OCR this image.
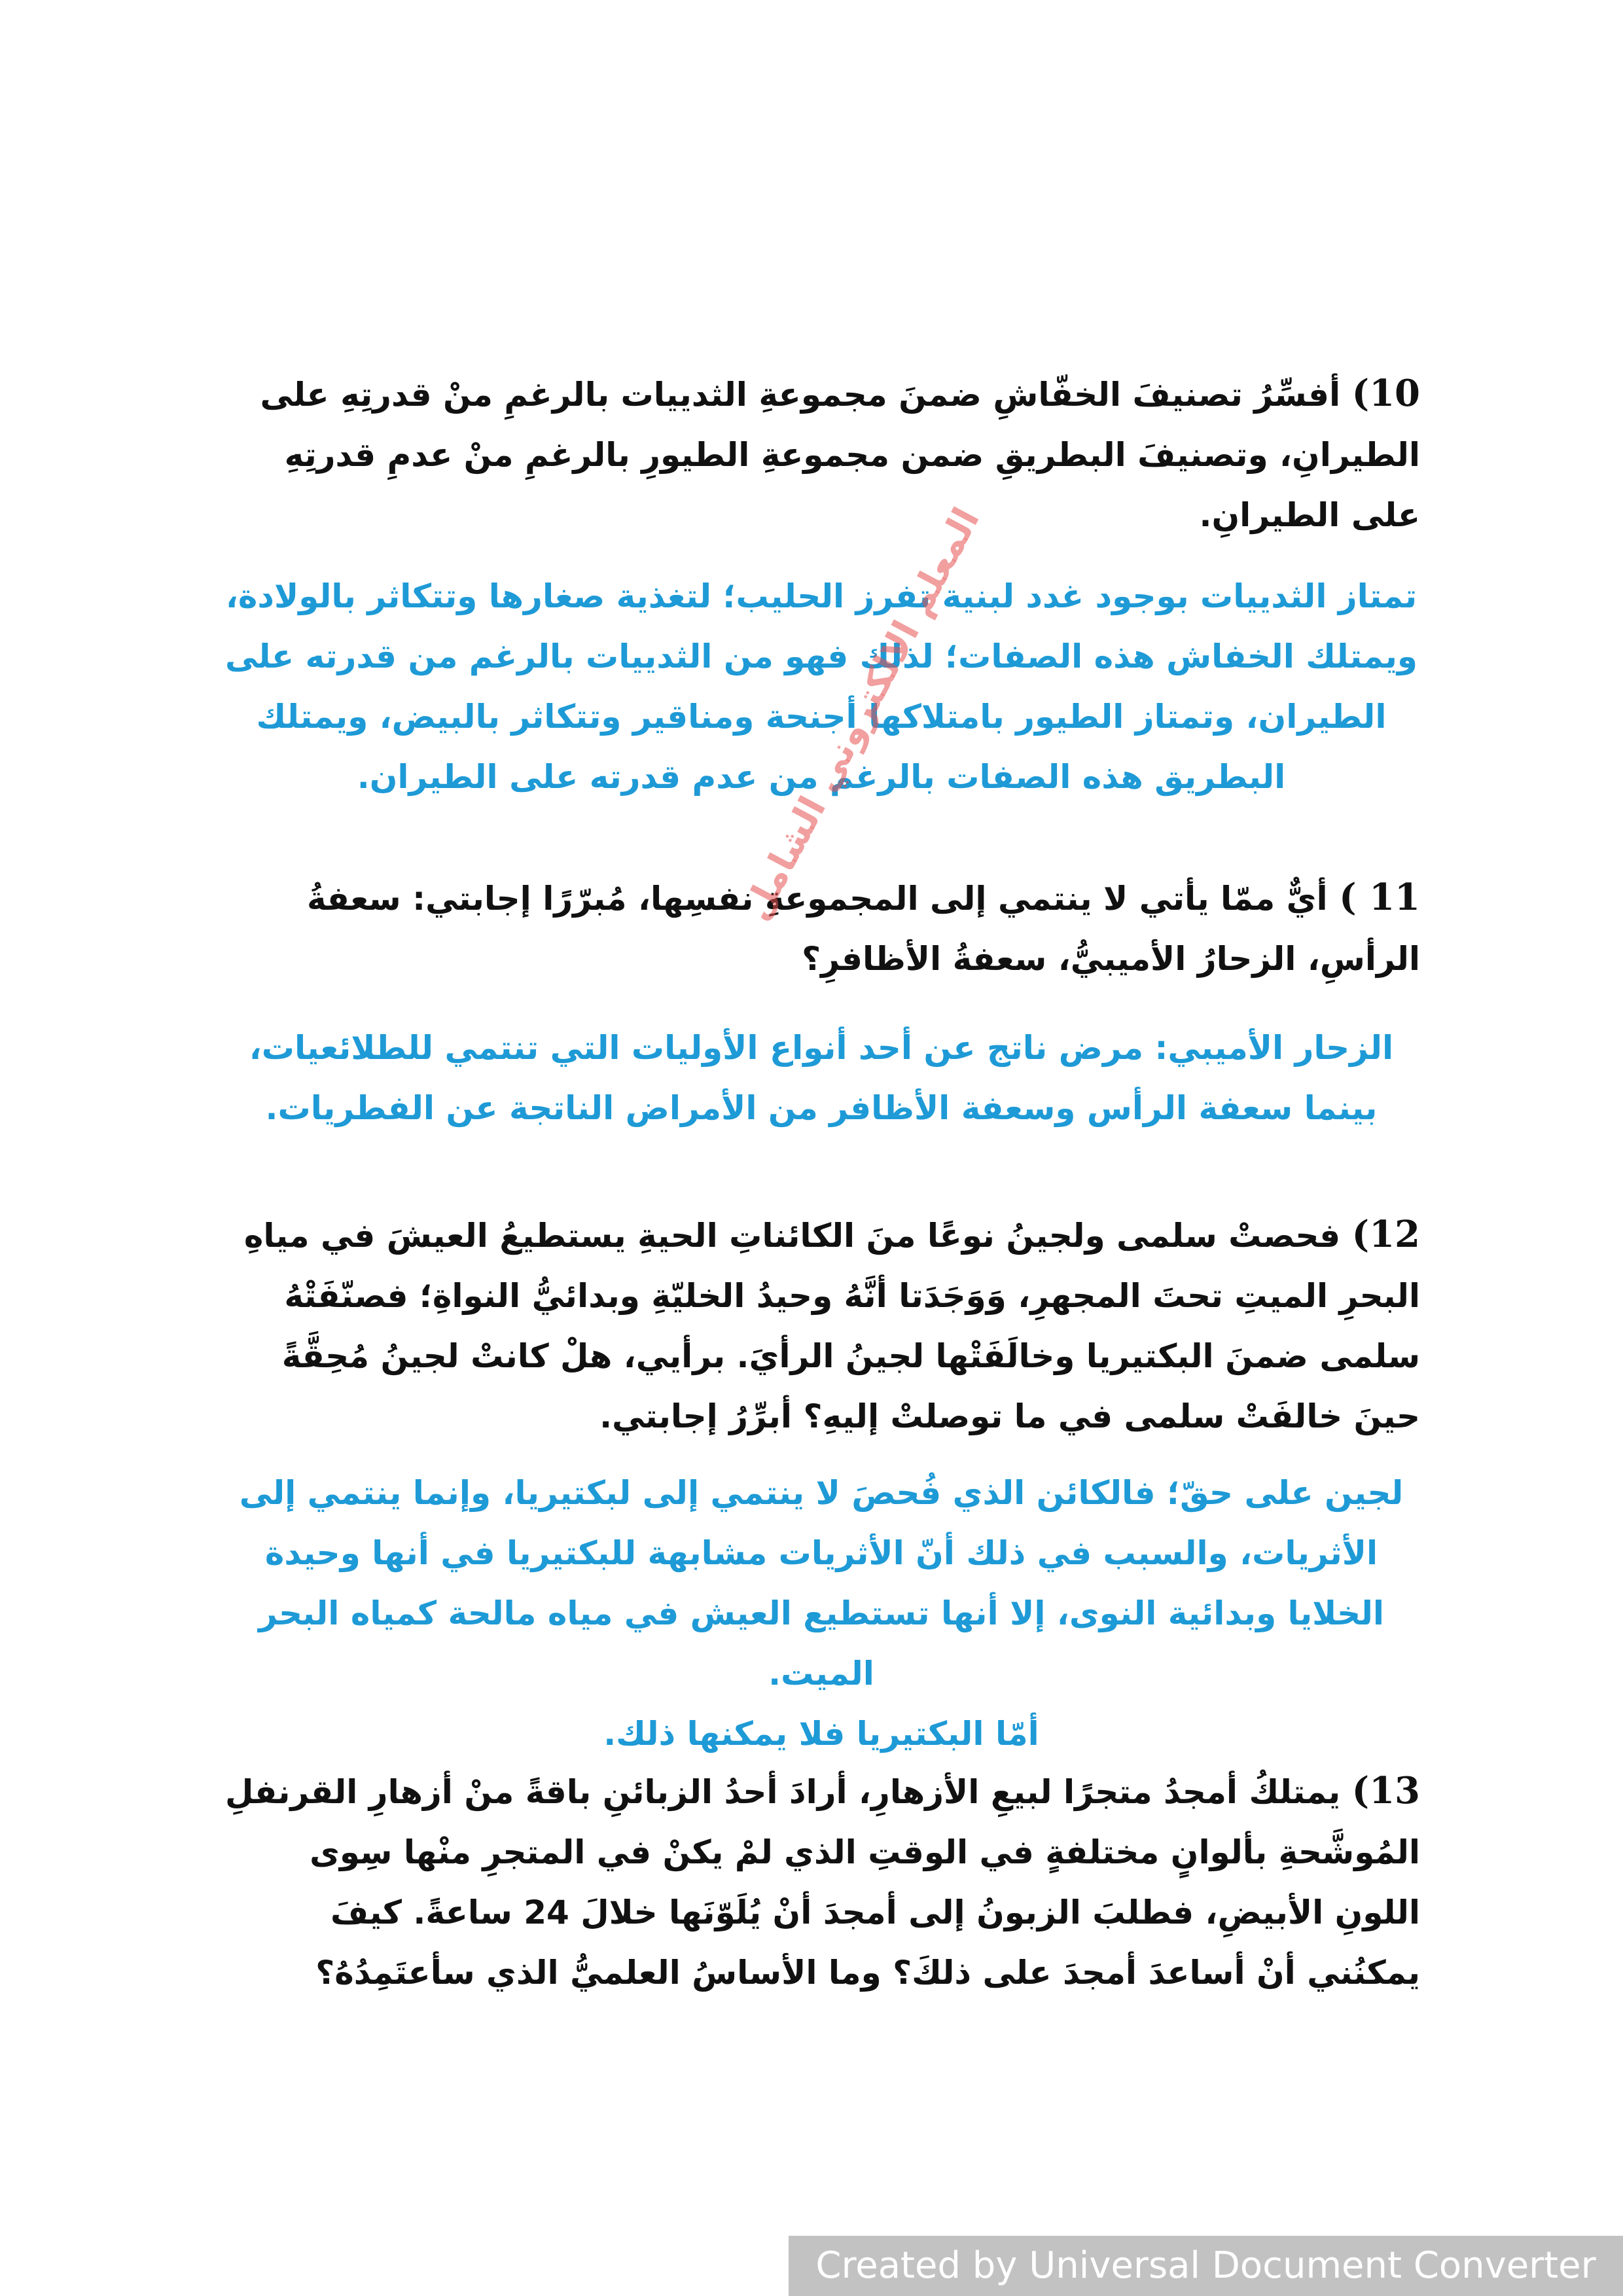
10) أفسِّرُ تصنيفَ الخفّاشِ ضمنَ مجموعةِ الثدييات بالرغمِ منْ قدرتِهِ على الطيرانِ، وتصنيفَ البطريقِ ضمن مجموعةِ الطيورِ بالرغمِ منْ عدمِ قدرتِهِ على الطيرانِ.

تمتاز الثدييات بوجود غدد لبنية تفرز الحليب؛ لتغذية صغارها وتتكاثر بالولادة، ويمتلك الخفاش هذه الصفات؛ لذلك فهو من الثدييات بالرغم من قدرته على الطيران، وتمتاز الطيور بامتلاكها أجنحة ومناقير وتتكاثر بالبيض، ويمتلك البطريق هذه الصفات بالرغم من عدم قدرته على الطيران.

11 ) أيٌّ ممّا يأتي لا ينتمي إلى المجموعةِ نفسِها، مُبرّرًا إجابتي: سعفةُ الرأسِ، الزحارُ الأميبيُّ، سعفةُ الأظافرِ؟

الزحار الأميبي: مرض ناتج عن أحد أنواع الأوليات التي تنتمي للطلائعيات، بينما سعفة الرأس وسعفة الأظافر من الأمراض الناتجة عن الفطريات.

12) فحصتْ سلمى ولجينُ نوعًا منَ الكائناتِ الحيةِ يستطيعُ العيشَ في مياهِ البحرِ الميتِ تحتَ المجهرِ، وَوَجَدَتا أنَّهُ وحيدُ الخليّةِ وبدائيُّ النواةِ؛ فصنّفَتْهُ سلمى ضمنَ البكتيريا وخالَفَتْها لجينُ الرأيَ. برأيي، هلْ كانتْ لجينُ مُحِقَّةً حينَ خالفَتْ سلمى في ما توصلتْ إليهِ؟ أبرِّرُ إجابتي.

لجين على حقّ؛ فالكائن الذي فُحصَ لا ينتمي إلى لبكتيريا، وإنما ينتمي إلى الأثريات، والسبب في ذلك أنّ الأثريات مشابهة للبكتيريا في أنها وحيدة الخلايا وبدائية النوى، إلا أنها تستطيع العيش في مياه مالحة كمياه البحر الميت.

أمّا البكتيريا فلا يمكنها ذلك.

13) يمتلكُ أمجدُ متجرًا لبيعِ الأزهارِ، أرادَ أحدُ الزبائنِ باقةً منْ أزهارِ القرنفلِ المُوشَّحةِ بألوانٍ مختلفةٍ في الوقتِ الذي لمْ يكنْ في المتجرِ منْها سِوى اللونِ الأبيضِ، فطلبَ الزبونُ إلى أمجدَ أنْ يُلَوّنَها خلالَ 24 ساعةً. كيفَ يمكنُني أنْ أساعدَ أمجدَ على ذلكَ؟ وما الأساسُ العلميُّ الذي سأعتَمِدُهُ؟

المعلم الالكتروني الشامل
Created by Universal Document Converter
